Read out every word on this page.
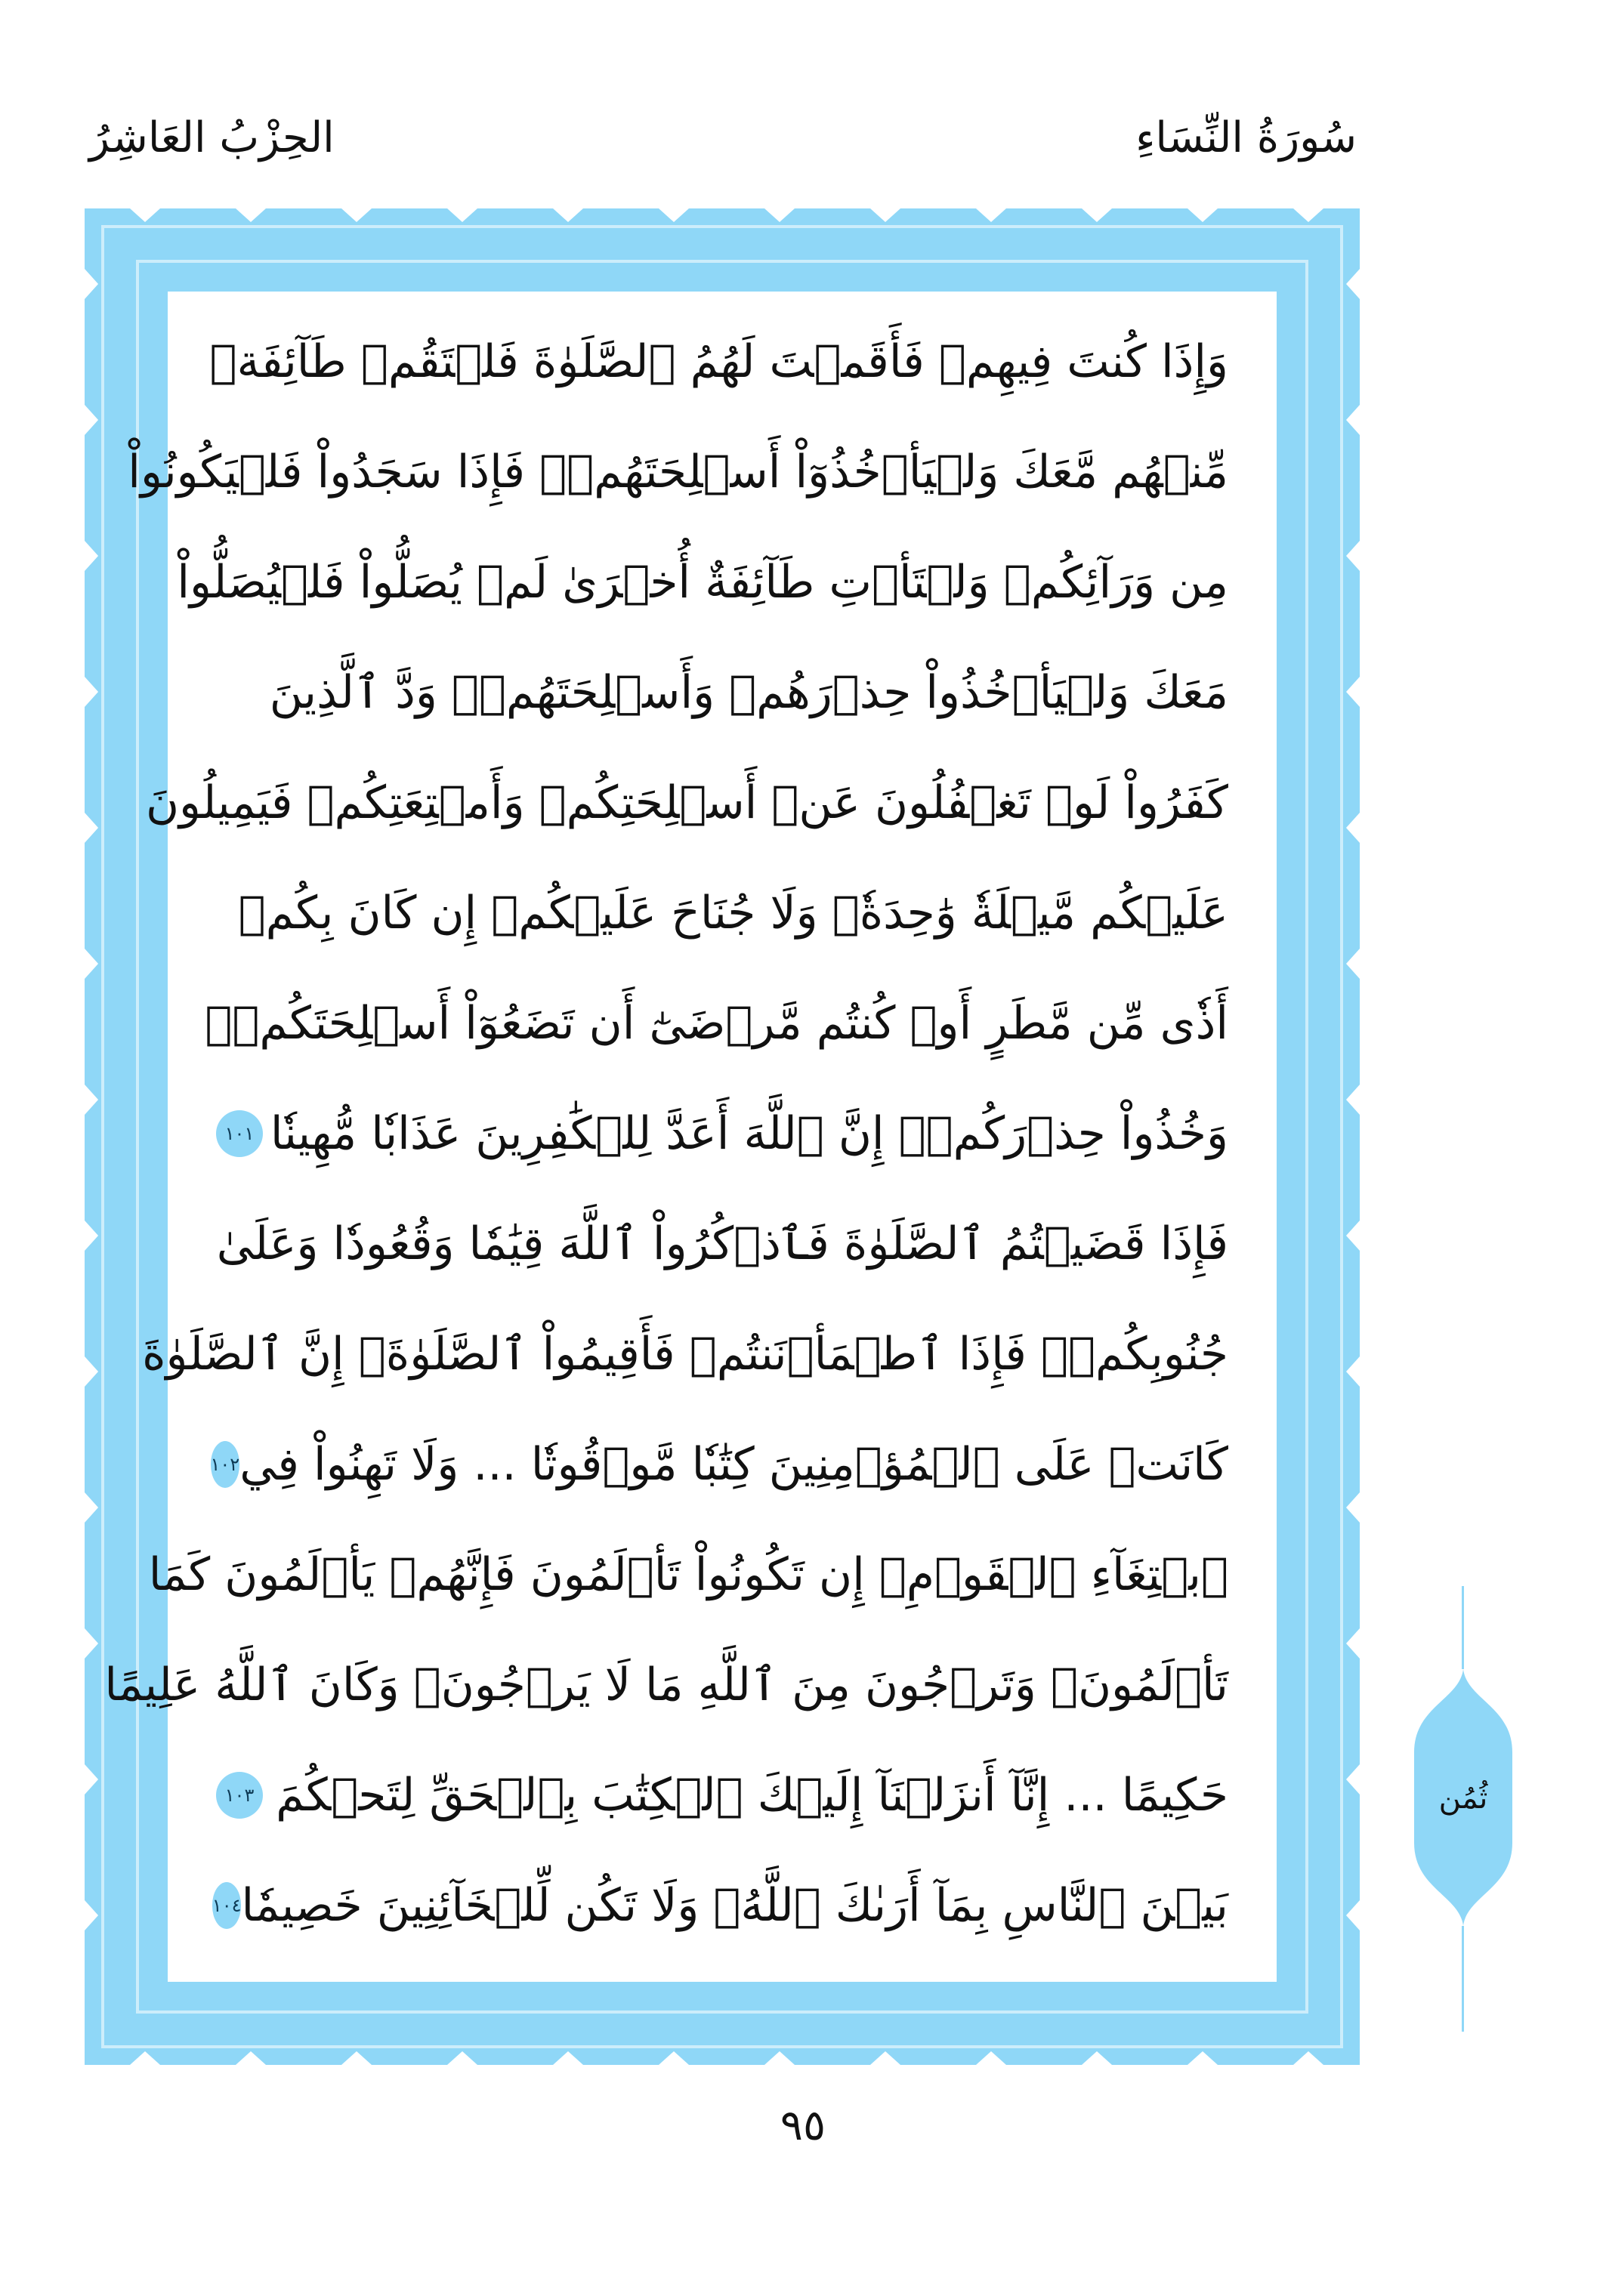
سُورَةُ النِّسَاءِ
الحِزْبُ العَاشِرُ
وَإِذَا كُنتَ فِيهِمۡ فَأَقَمۡتَ لَهُمُ ٱلصَّلَوٰةَ فَلۡتَقُمۡ طَآئِفَةٞ
مِّنۡهُم مَّعَكَ وَلۡيَأۡخُذُوٓاْ أَسۡلِحَتَهُمۡۖ فَإِذَا سَجَدُواْ فَلۡيَكُونُواْ
مِن وَرَآئِكُمۡ وَلۡتَأۡتِ طَآئِفَةٌ أُخۡرَىٰ لَمۡ يُصَلُّواْ فَلۡيُصَلُّواْ
مَعَكَ وَلۡيَأۡخُذُواْ حِذۡرَهُمۡ وَأَسۡلِحَتَهُمۡۗ وَدَّ ٱلَّذِينَ
كَفَرُواْ لَوۡ تَغۡفُلُونَ عَنۡ أَسۡلِحَتِكُمۡ وَأَمۡتِعَتِكُمۡ فَيَمِيلُونَ
عَلَيۡكُم مَّيۡلَةٗ وَٰحِدَةٗۚ وَلَا جُنَاحَ عَلَيۡكُمۡ إِن كَانَ بِكُمۡ
أَذٗى مِّن مَّطَرٍ أَوۡ كُنتُم مَّرۡضَىٰٓ أَن تَضَعُوٓاْ أَسۡلِحَتَكُمۡۖ
وَخُذُواْ حِذۡرَكُمۡۗ إِنَّ ٱللَّهَ أَعَدَّ لِلۡكَٰفِرِينَ عَذَابٗا مُّهِينٗا
١٠١
فَإِذَا قَضَيۡتُمُ ٱلصَّلَوٰةَ فَٱذۡكُرُواْ ٱللَّهَ قِيَٰمٗا وَقُعُودٗا وَعَلَىٰ
جُنُوبِكُمۡۚ فَإِذَا ٱطۡمَأۡنَنتُمۡ فَأَقِيمُواْ ٱلصَّلَوٰةَۚ إِنَّ ٱلصَّلَوٰةَ
كَانَتۡ عَلَى ٱلۡمُؤۡمِنِينَ كِتَٰبٗا مَّوۡقُوتٗا ... وَلَا تَهِنُواْ فِي
١٠٢
ٱبۡتِغَآءِ ٱلۡقَوۡمِۖ إِن تَكُونُواْ تَأۡلَمُونَ فَإِنَّهُمۡ يَأۡلَمُونَ كَمَا
تَأۡلَمُونَۖ وَتَرۡجُونَ مِنَ ٱللَّهِ مَا لَا يَرۡجُونَۗ وَكَانَ ٱللَّهُ عَلِيمًا
حَكِيمًا ... إِنَّآ أَنزَلۡنَآ إِلَيۡكَ ٱلۡكِتَٰبَ بِٱلۡحَقِّ لِتَحۡكُمَ
١٠٣
بَيۡنَ ٱلنَّاسِ بِمَآ أَرَىٰكَ ٱللَّهُۚ وَلَا تَكُن لِّلۡخَآئِنِينَ خَصِيمٗا
١٠٤
ثُمُن
٩٥
